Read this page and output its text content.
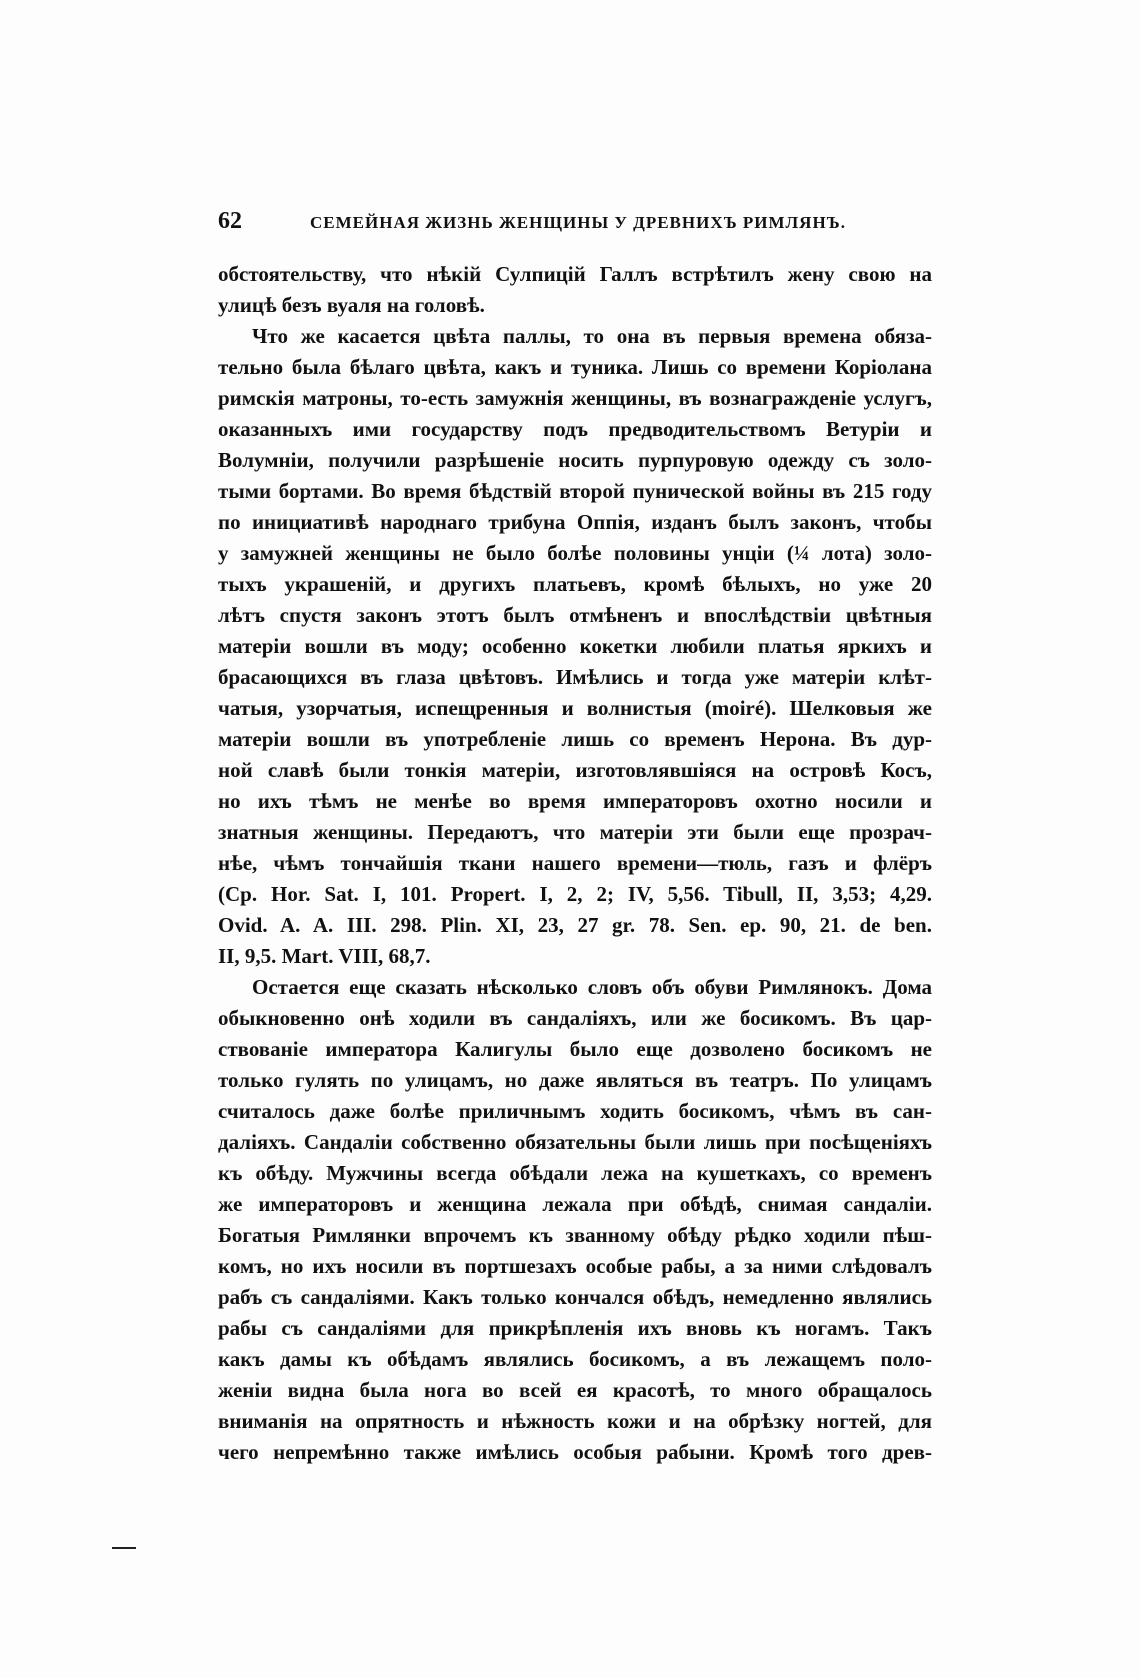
62	СЕМЕЙНАЯ ЖИЗНЬ ЖЕНЩИНЫ У ДРЕВНИХЪ РИМЛЯНЪ.
обстоятельству, что нѣкій Сулпицій Галлъ встрѣтилъ жену свою на
улицѣ безъ вуаля на головѣ.
Что же касается цвѣта паллы, то она въ первыя времена обяза-
тельно была бѣлаго цвѣта, какъ и туника. Лишь со времени Коріолана
римскія матроны, то-есть замужнія женщины, въ вознагражденіе услугъ,
оказанныхъ ими государству подъ предводительствомъ Ветуріи и
Волумніи, получили разрѣшеніе носить пурпуровую одежду съ золо-
тыми бортами. Во время бѣдствій второй пунической войны въ 215 году
по инициативѣ народнаго трибуна Оппія, изданъ былъ законъ, чтобы
у замужней женщины не было болѣе половины унціи (¼ лота) золо-
тыхъ украшеній, и другихъ платьевъ, кромѣ бѣлыхъ, но уже 20
лѣтъ спустя законъ этотъ былъ отмѣненъ и впослѣдствіи цвѣтныя
матеріи вошли въ моду; особенно кокетки любили платья яркихъ и
брасающихся въ глаза цвѣтовъ. Имѣлись и тогда уже матеріи клѣт-
чатыя, узорчатыя, испещренныя и волнистыя (moiré). Шелковыя же
матеріи вошли въ употребленіе лишь со временъ Нерона. Въ дур-
ной славѣ были тонкія матеріи, изготовлявшіяся на островѣ Косъ,
но ихъ тѣмъ не менѣе во время императоровъ охотно носили и
знатныя женщины. Передаютъ, что матеріи эти были еще прозрач-
нѣе, чѣмъ тончайшія ткани нашего времени—тюль, газъ и флёръ
(Ср. Hor. Sat. I, 101. Propert. I, 2, 2; IV, 5,56. Tibull, II, 3,53; 4,29.
Ovid. A. A. III. 298. Plin. XI, 23, 27 gr. 78. Sen. ep. 90, 21. de ben.
II, 9,5. Mart. VIII, 68,7.
Остается еще сказать нѣсколько словъ объ обуви Римлянокъ. Дома
обыкновенно онѣ ходили въ сандаліяхъ, или же босикомъ. Въ цар-
ствованіе императора Калигулы было еще дозволено босикомъ не
только гулять по улицамъ, но даже являться въ театръ. По улицамъ
считалось даже болѣе приличнымъ ходить босикомъ, чѣмъ въ сан-
даліяхъ. Сандаліи собственно обязательны были лишь при посѣщеніяхъ
къ обѣду. Мужчины всегда обѣдали лежа на кушеткахъ, со временъ
же императоровъ и женщина лежала при обѣдѣ, снимая сандаліи.
Богатыя Римлянки впрочемъ къ званному обѣду рѣдко ходили пѣш-
комъ, но ихъ носили въ портшезахъ особые рабы, а за ними слѣдовалъ
рабъ съ сандаліями. Какъ только кончался обѣдъ, немедленно являлись
рабы съ сандаліями для прикрѣпленія ихъ вновь къ ногамъ. Такъ
какъ дамы къ обѣдамъ являлись босикомъ, а въ лежащемъ поло-
женіи видна была нога во всей ея красотѣ, то много обращалось
вниманія на опрятность и нѣжность кожи и на обрѣзку ногтей, для
чего непремѣнно также имѣлись особыя рабыни. Кромѣ того древ-
